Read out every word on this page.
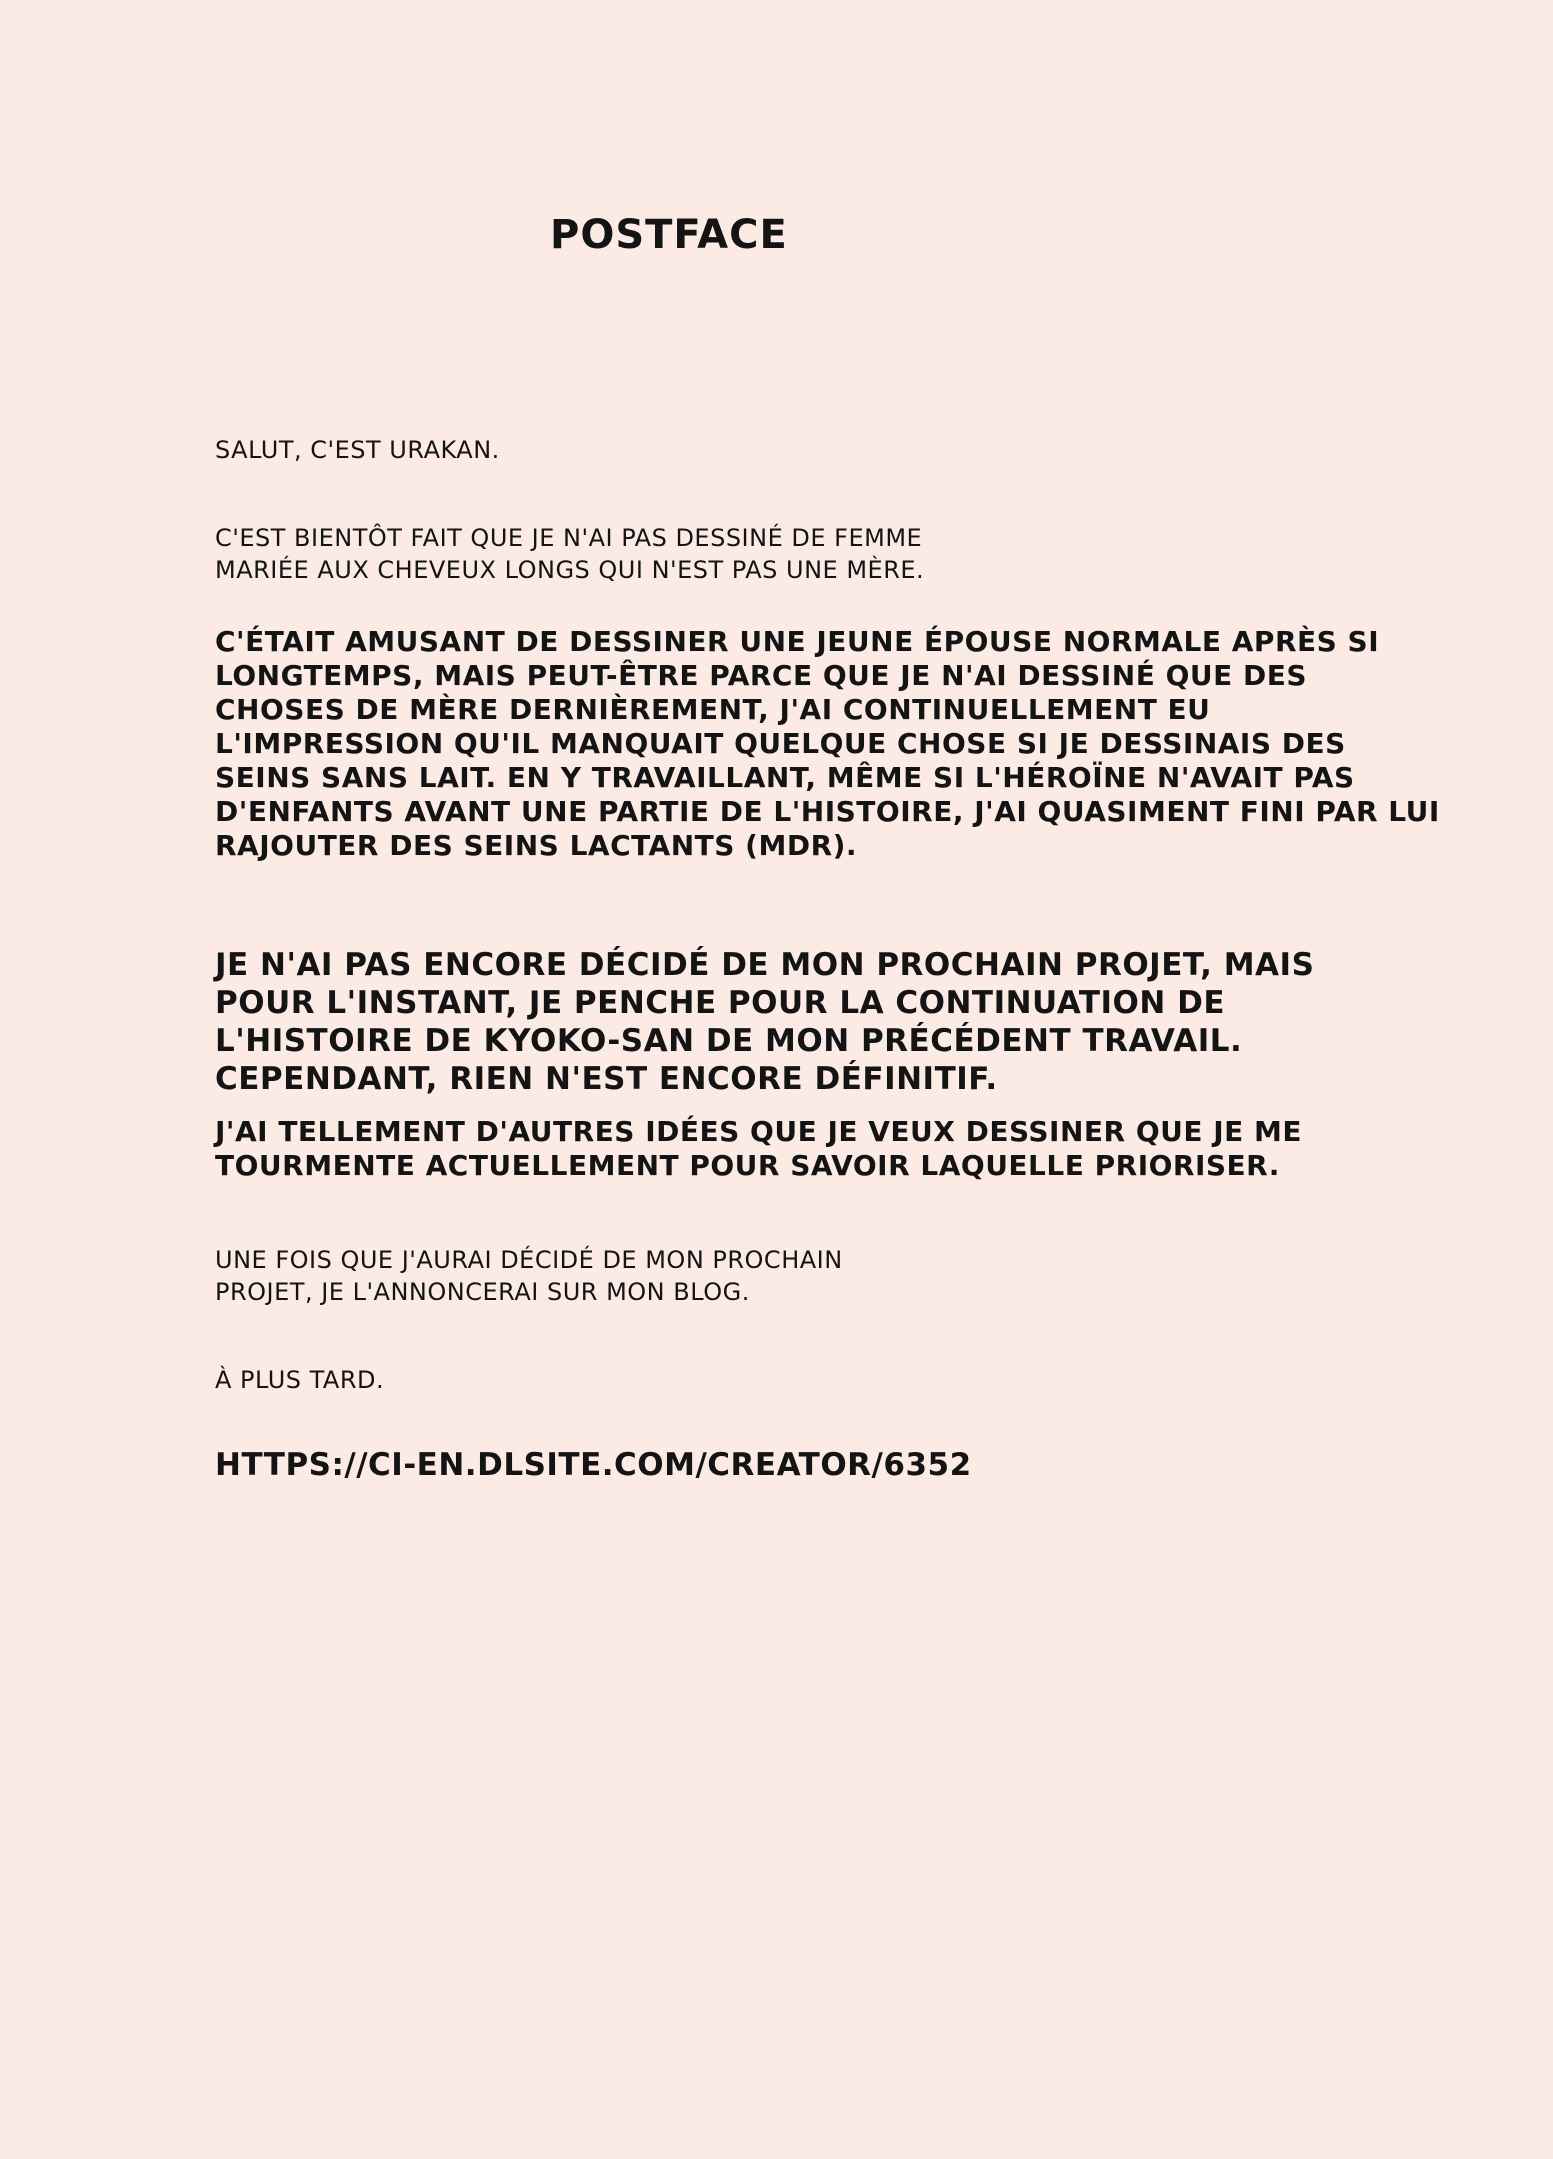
POSTFACE

SALUT, C'EST URAKAN.

C'EST BIENTÔT FAIT QUE JE N'AI PAS DESSINÉ DE FEMME
MARIÉE AUX CHEVEUX LONGS QUI N'EST PAS UNE MÈRE.

C'ÉTAIT AMUSANT DE DESSINER UNE JEUNE ÉPOUSE NORMALE APRÈS SI
LONGTEMPS, MAIS PEUT-ÊTRE PARCE QUE JE N'AI DESSINÉ QUE DES
CHOSES DE MÈRE DERNIÈREMENT, J'AI CONTINUELLEMENT EU
L'IMPRESSION QU'IL MANQUAIT QUELQUE CHOSE SI JE DESSINAIS DES
SEINS SANS LAIT. EN Y TRAVAILLANT, MÊME SI L'HÉROÏNE N'AVAIT PAS
D'ENFANTS AVANT UNE PARTIE DE L'HISTOIRE, J'AI QUASIMENT FINI PAR LUI
RAJOUTER DES SEINS LACTANTS (MDR).

JE N'AI PAS ENCORE DÉCIDÉ DE MON PROCHAIN PROJET, MAIS
POUR L'INSTANT, JE PENCHE POUR LA CONTINUATION DE
L'HISTOIRE DE KYOKO-SAN DE MON PRÉCÉDENT TRAVAIL.
CEPENDANT, RIEN N'EST ENCORE DÉFINITIF.

J'AI TELLEMENT D'AUTRES IDÉES QUE JE VEUX DESSINER QUE JE ME
TOURMENTE ACTUELLEMENT POUR SAVOIR LAQUELLE PRIORISER.

UNE FOIS QUE J'AURAI DÉCIDÉ DE MON PROCHAIN
PROJET, JE L'ANNONCERAI SUR MON BLOG.

À PLUS TARD.

HTTPS://CI-EN.DLSITE.COM/CREATOR/6352
